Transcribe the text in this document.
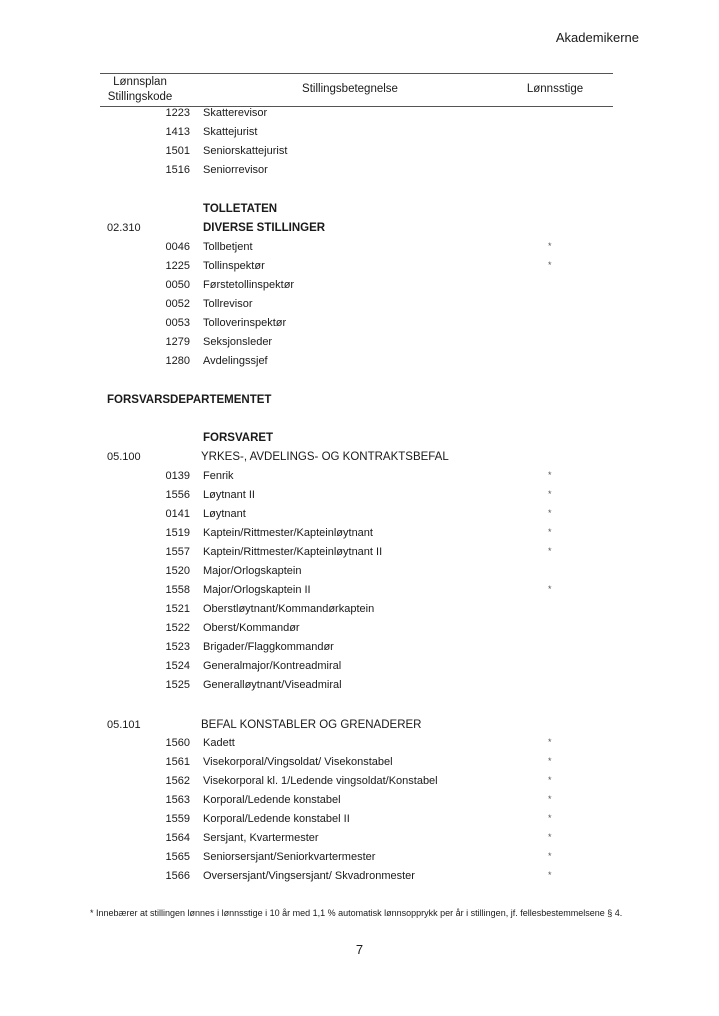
Akademikerne
Lønnsplan
Stillingskode
Stillingsbetegnelse	Lønnsstige
1223 Skatterevisor
1413 Skattejurist
1501 Seniorskattejurist
1516 Seniorrevisor
TOLLETATEN
02.310	DIVERSE STILLINGER
0046 Tollbetjent	*
1225 Tollinspektør	*
0050 Førstetollinspektør
0052 Tollrevisor
0053 Tolloverinspektør
1279 Seksjonsleder
1280 Avdelingssjef
FORSVARSDEPARTEMENTET
FORSVARET
05.100	YRKES-, AVDELINGS- OG KONTRAKTSBEFAL
0139 Fenrik	*
1556 Løytnant II	*
0141 Løytnant	*
1519 Kaptein/Rittmester/Kapteinløytnant	*
1557 Kaptein/Rittmester/Kapteinløytnant II	*
1520 Major/Orlogskaptein
1558 Major/Orlogskaptein II	*
1521 Oberstløytnant/Kommandørkaptein
1522 Oberst/Kommandør
1523 Brigader/Flaggkommandør
1524 Generalmajor/Kontreadmiral
1525 Generalløytnant/Viseadmiral
05.101	BEFAL KONSTABLER OG GRENADERER
1560 Kadett	*
1561 Visekorporal/Vingsoldat/ Visekonstabel	*
1562 Visekorporal kl. 1/Ledende vingsoldat/Konstabel	*
1563 Korporal/Ledende konstabel	*
1559 Korporal/Ledende konstabel II	*
1564 Sersjant, Kvartermester	*
1565 Seniorsersjant/Seniorkvartermester	*
1566 Oversersjant/Vingsersjant/ Skvadronmester	*
* Innebærer at stillingen lønnes i lønnsstige i 10 år med 1,1 % automatisk lønnsopprykk per år i stillingen, jf. fellesbestemmelsene § 4.
7
